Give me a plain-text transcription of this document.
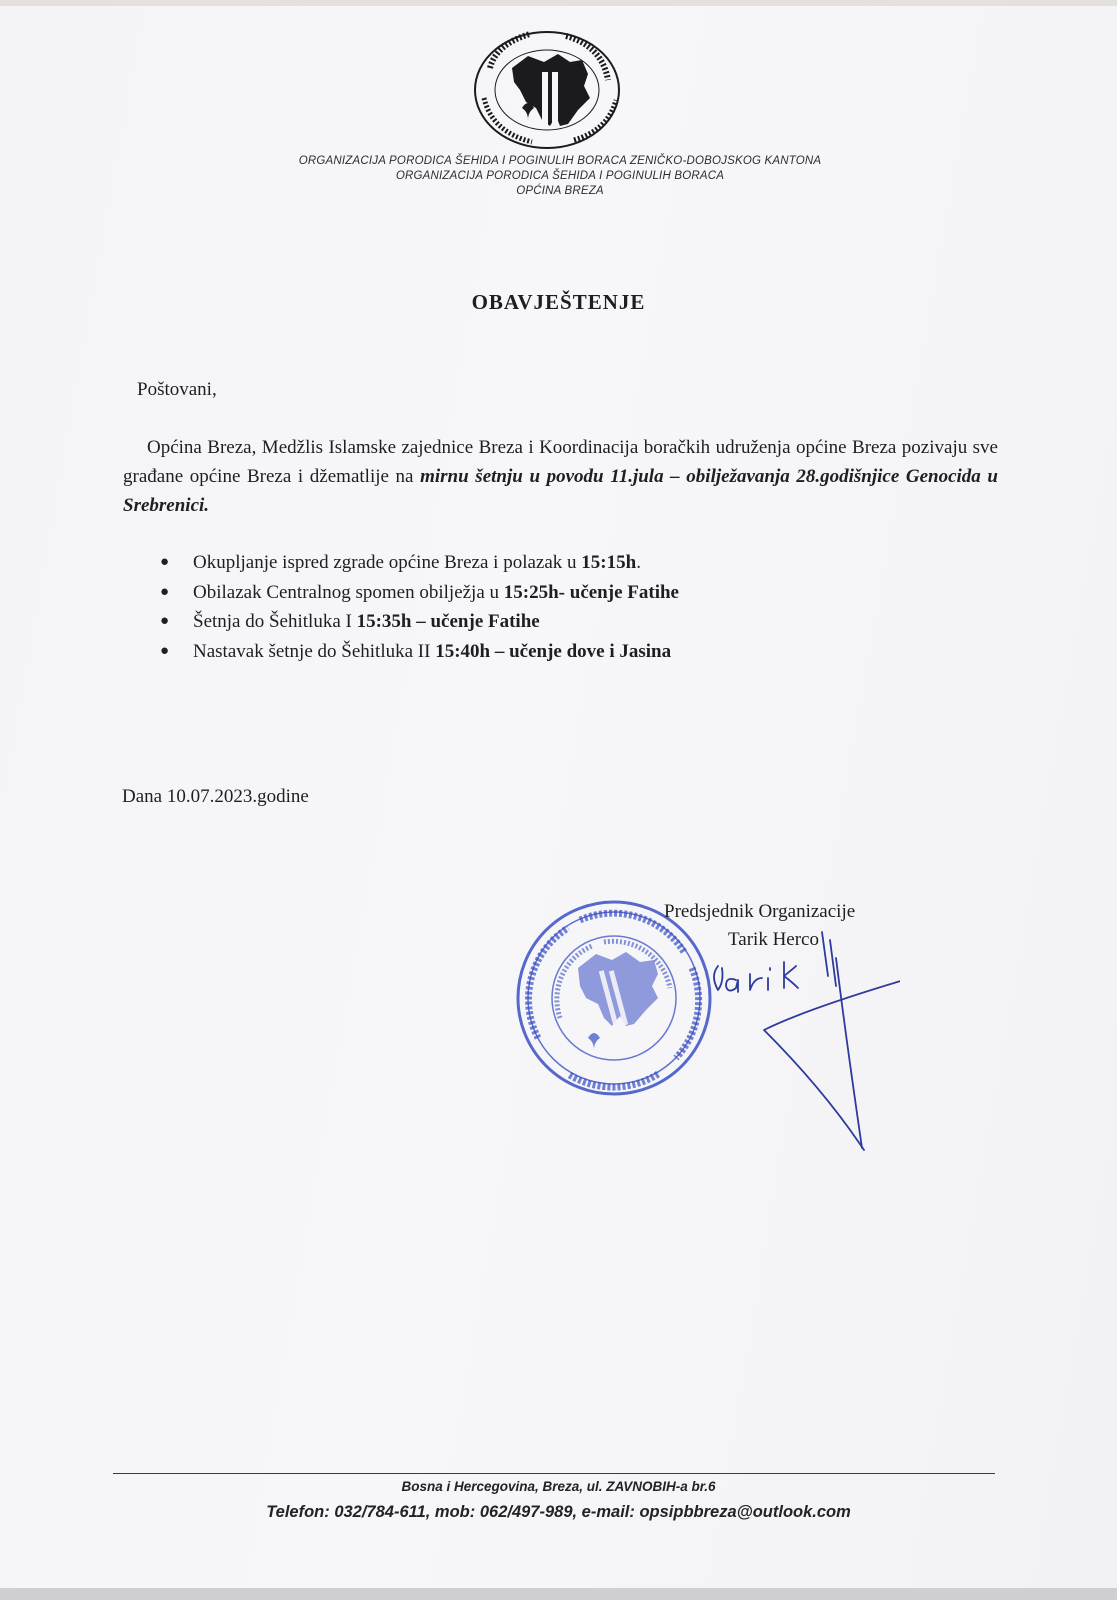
ORGANIZACIJA PORODICA ŠEHIDA I POGINULIH BORACA ZENIČKO-DOBOJSKOG KANTONA
ORGANIZACIJA PORODICA ŠEHIDA I POGINULIH BORACA
OPĆINA BREZA
OBAVJEŠTENJE
Poštovani,
Općina Breza, Medžlis Islamske zajednice Breza i Koordinacija boračkih udruženja općine Breza pozivaju sve građane općine Breza i džematlije na mirnu šetnju u povodu 11.jula – obilježavanja 28.godišnjice Genocida u Srebrenici.
● Okupljanje ispred zgrade općine Breza i polazak u 15:15h.
● Obilazak Centralnog spomen obilježja u 15:25h- učenje Fatihe
● Šetnja do Šehitluka I 15:35h – učenje Fatihe
● Nastavak šetnje do Šehitluka II 15:40h – učenje dove i Jasina
Dana 10.07.2023.godine
Predsjednik Organizacije
Tarik Herco
Bosna i Hercegovina, Breza, ul. ZAVNOBIH-a br.6
Telefon: 032/784-611, mob: 062/497-989, e-mail: opsipbbreza@outlook.com
